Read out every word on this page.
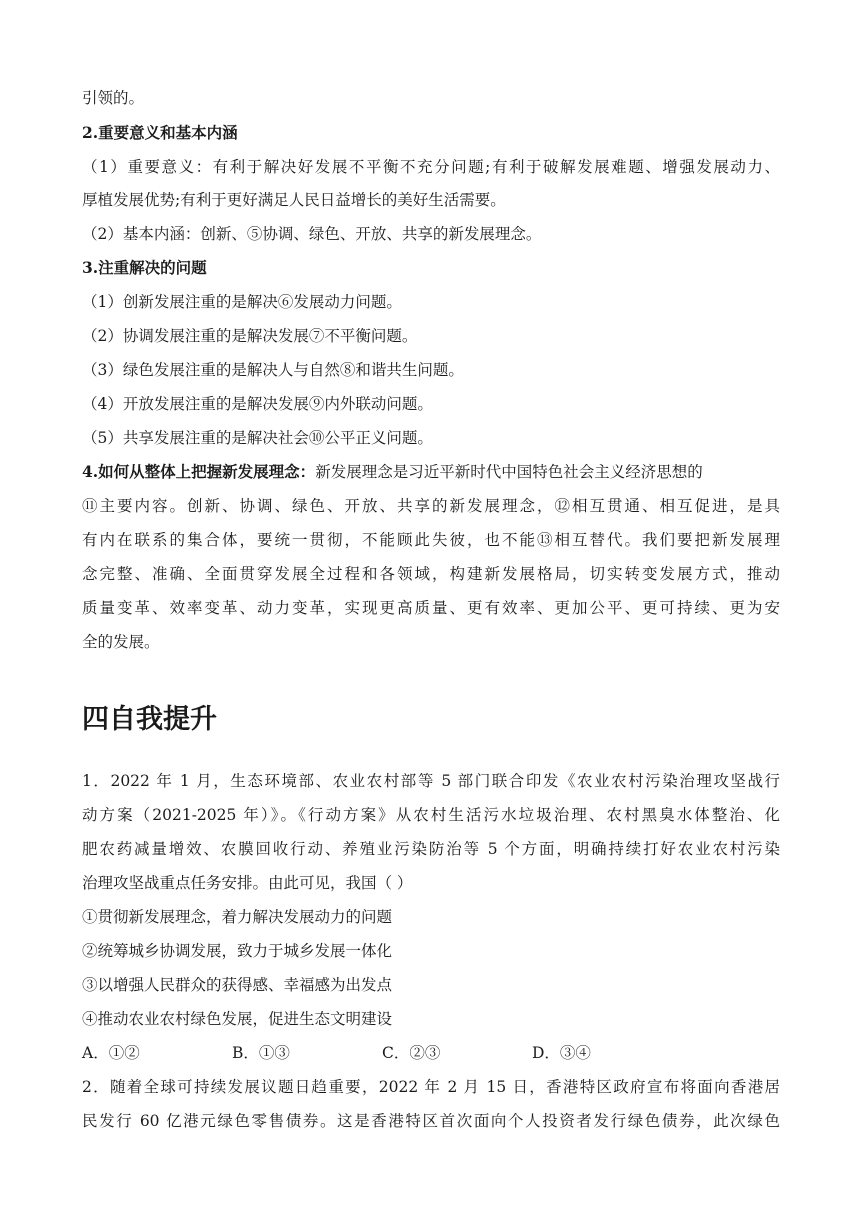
引领的。
2.重要意义和基本内涵
（1）重要意义：有利于解决好发展不平衡不充分问题;有利于破解发展难题、增强发展动力、
厚植发展优势;有利于更好满足人民日益增长的美好生活需要。
（2）基本内涵：创新、⑤协调、绿色、开放、共享的新发展理念。
3.注重解决的问题
（1）创新发展注重的是解决⑥发展动力问题。
（2）协调发展注重的是解决发展⑦不平衡问题。
（3）绿色发展注重的是解决人与自然⑧和谐共生问题。
（4）开放发展注重的是解决发展⑨内外联动问题。
（5）共享发展注重的是解决社会⑩公平正义问题。
4.如何从整体上把握新发展理念：新发展理念是习近平新时代中国特色社会主义经济思想的
⑪主要内容。创新、协调、绿色、开放、共享的新发展理念，⑫相互贯通、相互促进，是具
有内在联系的集合体，要统一贯彻，不能顾此失彼，也不能⑬相互替代。我们要把新发展理
念完整、准确、全面贯穿发展全过程和各领域，构建新发展格局，切实转变发展方式，推动
质量变革、效率变革、动力变革，实现更高质量、更有效率、更加公平、更可持续、更为安
全的发展。
四自我提升
1．2022 年 1 月，生态环境部、农业农村部等 5 部门联合印发《农业农村污染治理攻坚战行
动方案（2021-2025 年）》。《行动方案》从农村生活污水垃圾治理、农村黑臭水体整治、化
肥农药减量增效、农膜回收行动、养殖业污染防治等 5 个方面，明确持续打好农业农村污染
治理攻坚战重点任务安排。由此可见，我国（ ）
①贯彻新发展理念，着力解决发展动力的问题
②统筹城乡协调发展，致力于城乡发展一体化
③以增强人民群众的获得感、幸福感为出发点
④推动农业农村绿色发展，促进生态文明建设
A．①②	B．①③	C．②③	D．③④
2．随着全球可持续发展议题日趋重要，2022 年 2 月 15 日，香港特区政府宣布将面向香港居
民发行 60 亿港元绿色零售债券。这是香港特区首次面向个人投资者发行绿色债券，此次绿色
